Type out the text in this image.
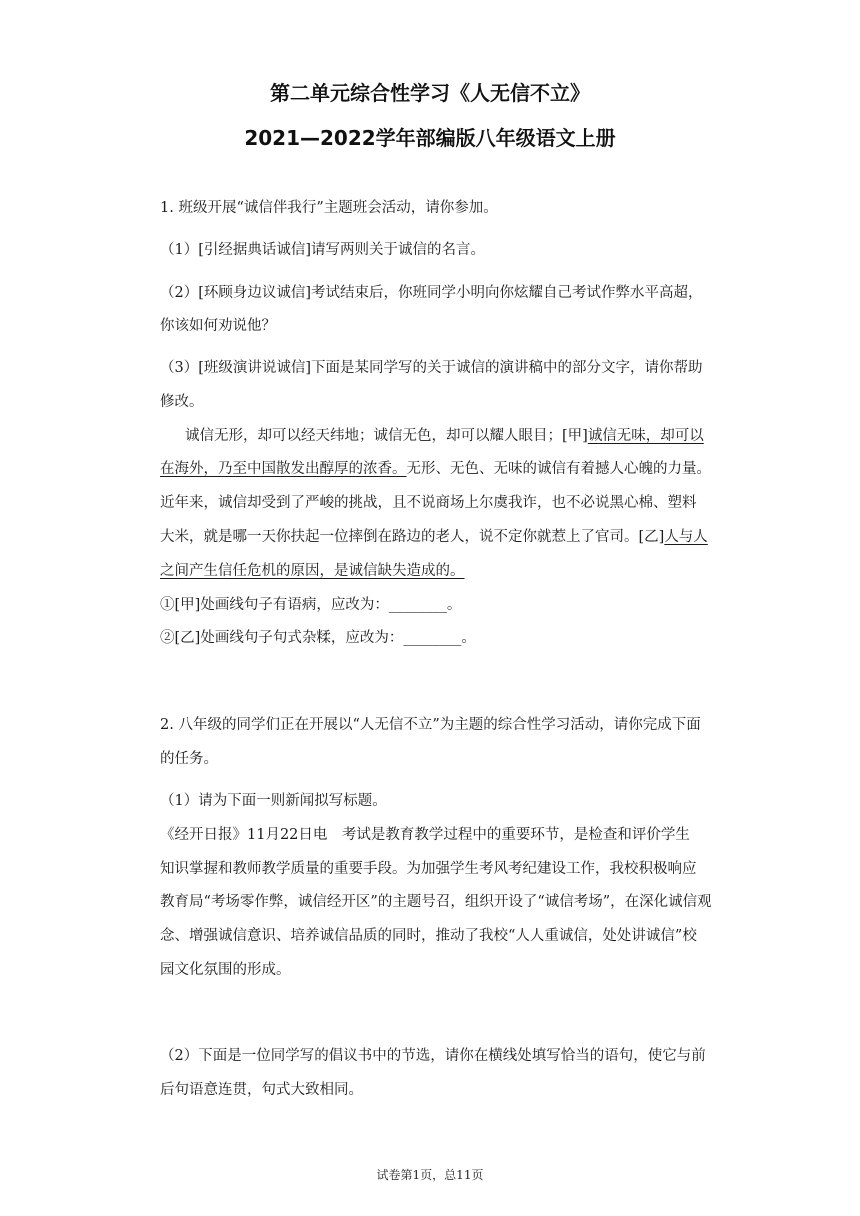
第二单元综合性学习《人无信不立》
2021—2022学年部编版八年级语文上册
1. 班级开展“诚信伴我行”主题班会活动，请你参加。
（1）[引经据典话诚信]请写两则关于诚信的名言。
（2）[环顾身边议诚信]考试结束后，你班同学小明向你炫耀自己考试作弊水平高超，
你该如何劝说他？
（3）[班级演讲说诚信]下面是某同学写的关于诚信的演讲稿中的部分文字，请你帮助
修改。
诚信无形，却可以经天纬地；诚信无色，却可以耀人眼目；[甲]诚信无味，却可以
在海外，乃至中国散发出醇厚的浓香。无形、无色、无味的诚信有着撼人心魄的力量。
近年来，诚信却受到了严峻的挑战，且不说商场上尔虞我诈，也不必说黑心棉、塑料
大米，就是哪一天你扶起一位摔倒在路边的老人，说不定你就惹上了官司。[乙]人与人
之间产生信任危机的原因，是诚信缺失造成的。
①[甲]处画线句子有语病，应改为：________。
②[乙]处画线句子句式杂糅，应改为：________。
2. 八年级的同学们正在开展以“人无信不立”为主题的综合性学习活动，请你完成下面
的任务。
（1）请为下面一则新闻拟写标题。
《经开日报》11月22日电　考试是教育教学过程中的重要环节，是检查和评价学生
知识掌握和教师教学质量的重要手段。为加强学生考风考纪建设工作，我校积极响应
教育局“考场零作弊，诚信经开区”的主题号召，组织开设了“诚信考场”，在深化诚信观
念、增强诚信意识、培养诚信品质的同时，推动了我校“人人重诚信，处处讲诚信”校
园文化氛围的形成。
（2）下面是一位同学写的倡议书中的节选，请你在横线处填写恰当的语句，使它与前
后句语意连贯，句式大致相同。
试卷第1页，总11页
